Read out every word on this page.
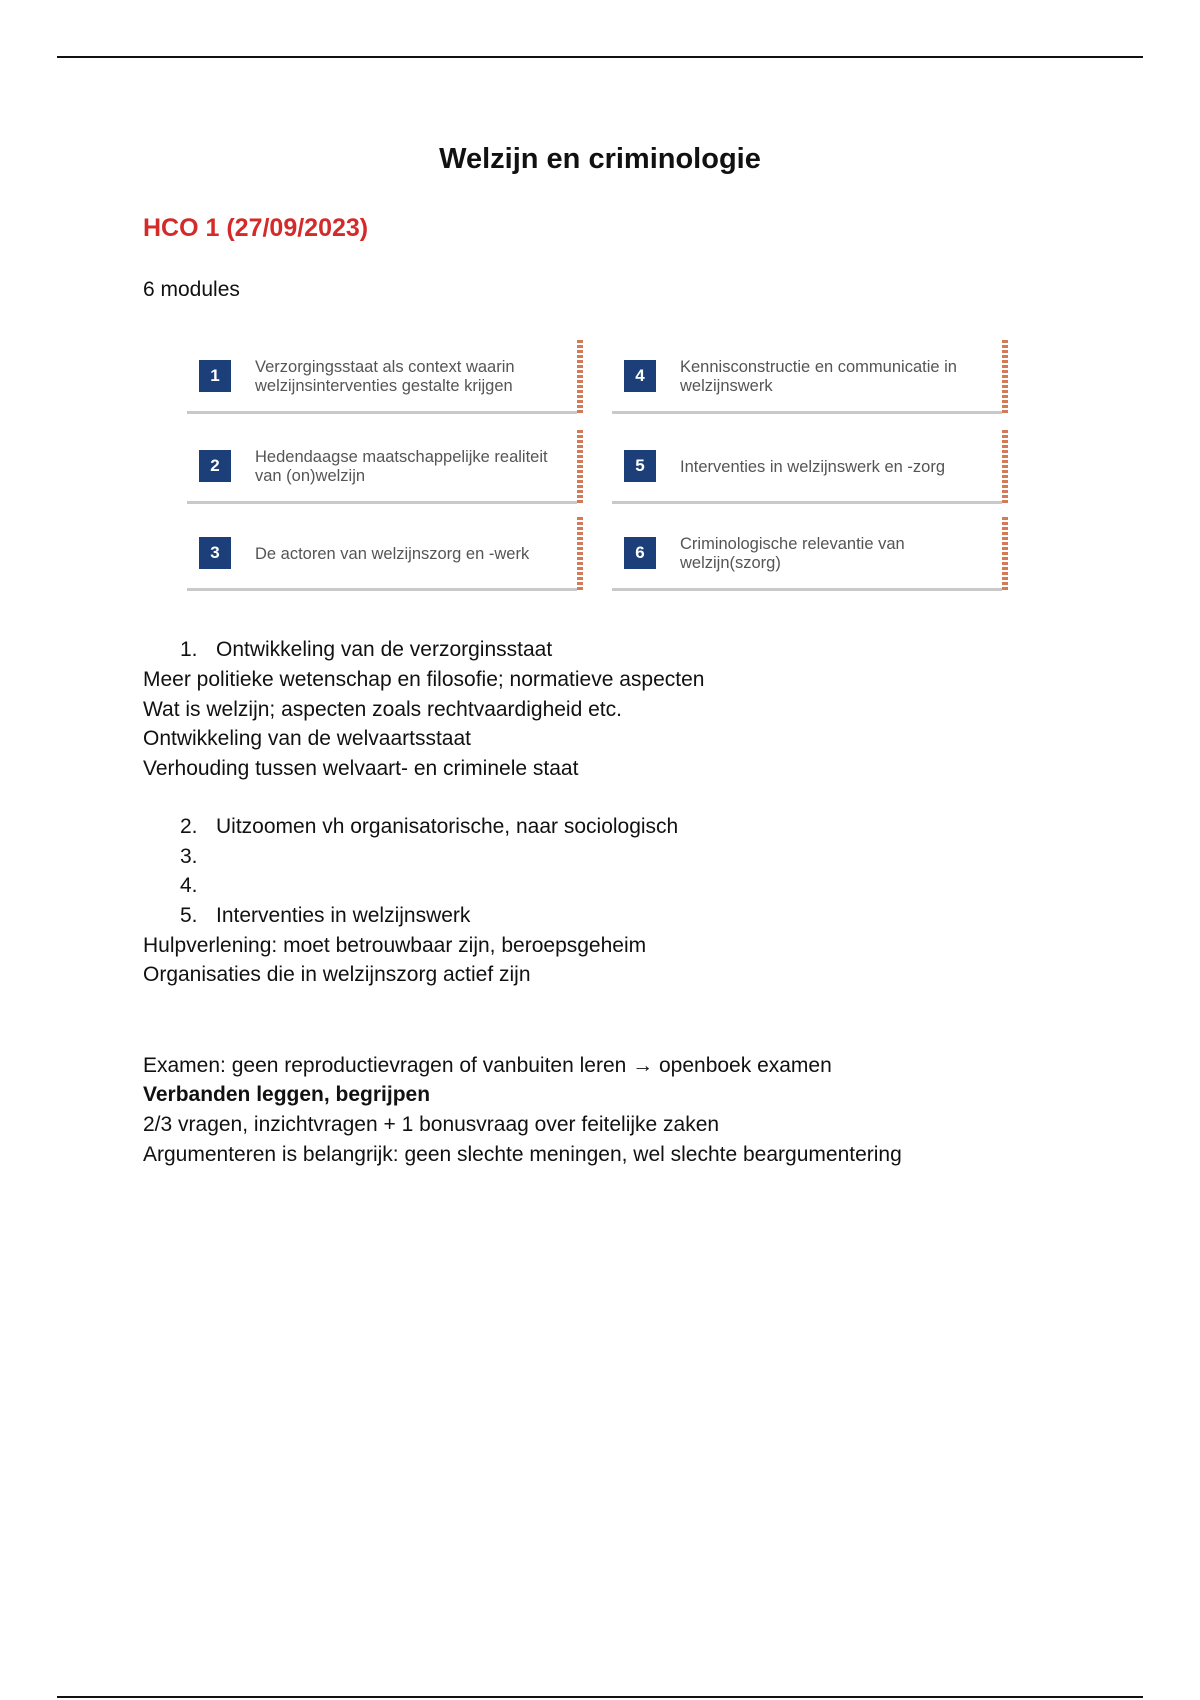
Welzijn en criminologie
HCO 1 (27/09/2023)
6 modules
1	Verzorgingsstaat als context waarin welzijnsinterventies gestalte krijgen
2	Hedendaagse maatschappelijke realiteit van (on)welzijn
3	De actoren van welzijnszorg en -werk
4	Kennisconstructie en communicatie in welzijnswerk
5	Interventies in welzijnswerk en -zorg
6	Criminologische relevantie van welzijn(szorg)
1. Ontwikkeling van de verzorginsstaat
Meer politieke wetenschap en filosofie; normatieve aspecten
Wat is welzijn; aspecten zoals rechtvaardigheid etc.
Ontwikkeling van de welvaartsstaat
Verhouding tussen welvaart- en criminele staat
2. Uitzoomen vh organisatorische, naar sociologisch
3.
4.
5. Interventies in welzijnswerk
Hulpverlening: moet betrouwbaar zijn, beroepsgeheim
Organisaties die in welzijnszorg actief zijn
Examen: geen reproductievragen of vanbuiten leren → openboek examen
Verbanden leggen, begrijpen
2/3 vragen, inzichtvragen + 1 bonusvraag over feitelijke zaken
Argumenteren is belangrijk: geen slechte meningen, wel slechte beargumentering
